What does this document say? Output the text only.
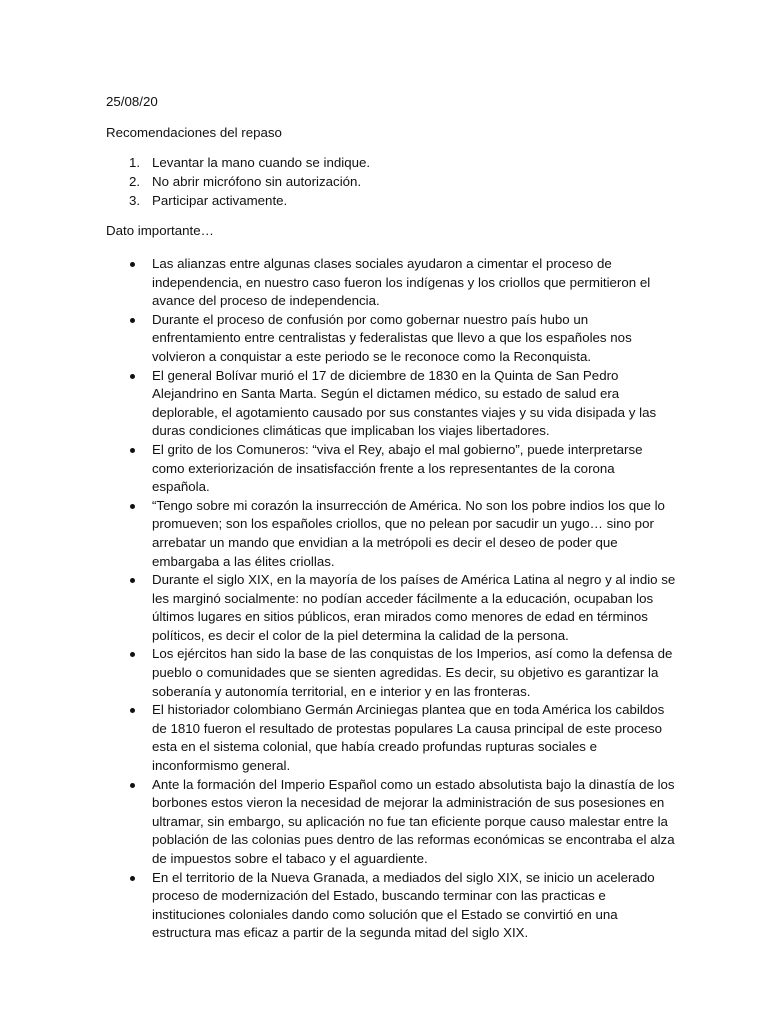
25/08/20
Recomendaciones del repaso
1. Levantar la mano cuando se indique.
2. No abrir micrófono sin autorización.
3. Participar activamente.
Dato importante…
Las alianzas entre algunas clases sociales ayudaron a cimentar el proceso de independencia, en nuestro caso fueron los indígenas y los criollos que permitieron el avance del proceso de independencia.
Durante el proceso de confusión por como gobernar nuestro país hubo un enfrentamiento entre centralistas y federalistas que llevo a que los españoles nos volvieron a conquistar a este periodo se le reconoce como la Reconquista.
El general Bolívar murió el 17 de diciembre de 1830 en la Quinta de San Pedro Alejandrino en Santa Marta. Según el dictamen médico, su estado de salud era deplorable, el agotamiento causado por sus constantes viajes y su vida disipada y las duras condiciones climáticas que implicaban los viajes libertadores.
El grito de los Comuneros: “viva el Rey, abajo el mal gobierno”, puede interpretarse como exteriorización de insatisfacción frente a los representantes de la corona española.
“Tengo sobre mi corazón la insurrección de América. No son los pobre indios los que lo promueven; son los españoles criollos, que no pelean por sacudir un yugo… sino por arrebatar un mando que envidian a la metrópoli es decir el deseo de poder que embargaba a las élites criollas.
Durante el siglo XIX, en la mayoría de los países de América Latina al negro y al indio se les marginó socialmente: no podían acceder fácilmente a la educación, ocupaban los últimos lugares en sitios públicos, eran mirados como menores de edad en términos políticos, es decir el color de la piel determina la calidad de la persona.
Los ejércitos han sido la base de las conquistas de los Imperios, así como la defensa de pueblo o comunidades que se sienten agredidas. Es decir, su objetivo es garantizar la soberanía y autonomía territorial, en e interior y en las fronteras.
El historiador colombiano Germán Arciniegas plantea que en toda América los cabildos de 1810 fueron el resultado de protestas populares La causa principal de este proceso esta en el sistema colonial, que había creado profundas rupturas sociales e inconformismo general.
Ante la formación del Imperio Español como un estado absolutista bajo la dinastía de los borbones estos vieron la necesidad de mejorar la administración de sus posesiones en ultramar, sin embargo, su aplicación no fue tan eficiente porque causo malestar entre la población de las colonias pues dentro de las reformas económicas se encontraba el alza de impuestos sobre el tabaco y el aguardiente.
En el territorio de la Nueva Granada, a mediados del siglo XIX, se inicio un acelerado proceso de modernización del Estado, buscando terminar con las practicas e instituciones coloniales dando como solución que el Estado se convirtió en una estructura mas eficaz a partir de la segunda mitad del siglo XIX.
